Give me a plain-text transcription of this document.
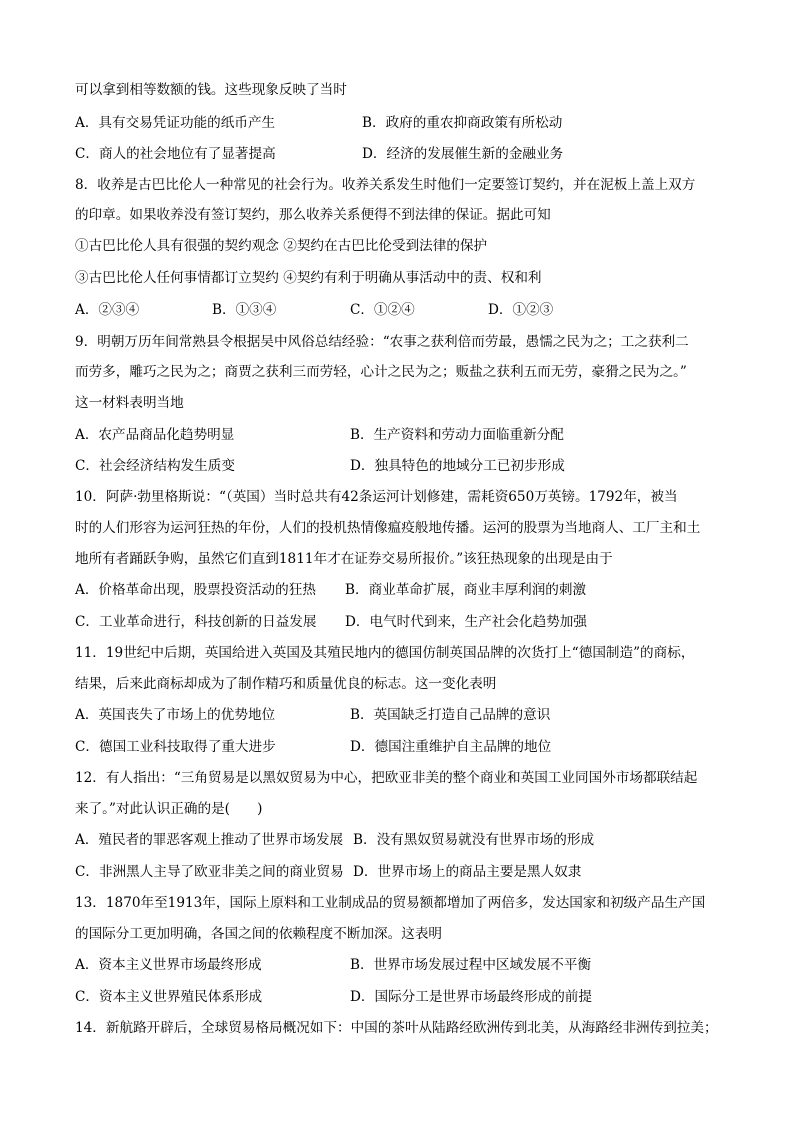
可以拿到相等数额的钱。这些现象反映了当时
A．具有交易凭证功能的纸币产生	B．政府的重农抑商政策有所松动
C．商人的社会地位有了显著提高	D．经济的发展催生新的金融业务
8．收养是古巴比伦人一种常见的社会行为。收养关系发生时他们一定要签订契约，并在泥板上盖上双方
的印章。如果收养没有签订契约，那么收养关系便得不到法律的保证。据此可知
①古巴比伦人具有很强的契约观念 ②契约在古巴比伦受到法律的保护
③古巴比伦人任何事情都订立契约 ④契约有利于明确从事活动中的责、权和利
A．②③④	B．①③④	C．①②④	D．①②③
9．明朝万历年间常熟县令根据吴中风俗总结经验：“农事之获利倍而劳最，愚懦之民为之；工之获利二
而劳多，雕巧之民为之；商贾之获利三而劳轻，心计之民为之；贩盐之获利五而无劳，豪猾之民为之。”
这一材料表明当地
A．农产品商品化趋势明显	B．生产资料和劳动力面临重新分配
C．社会经济结构发生质变	D．独具特色的地域分工已初步形成
10．阿萨·勃里格斯说：“（英国）当时总共有42条运河计划修建，需耗资650万英镑。1792年，被当
时的人们形容为运河狂热的年份，人们的投机热情像瘟疫般地传播。运河的股票为当地商人、工厂主和土
地所有者踊跃争购，虽然它们直到1811年才在证券交易所报价。”该狂热现象的出现是由于
A．价格革命出现，股票投资活动的狂热 B．商业革命扩展，商业丰厚利润的刺激
C．工业革命进行，科技创新的日益发展 D．电气时代到来，生产社会化趋势加强
11．19世纪中后期，英国给进入英国及其殖民地内的德国仿制英国品牌的次货打上“德国制造”的商标，
结果，后来此商标却成为了制作精巧和质量优良的标志。这一变化表明
A．英国丧失了市场上的优势地位	B．英国缺乏打造自己品牌的意识
C．德国工业科技取得了重大进步	D．德国注重维护自主品牌的地位
12．有人指出：“三角贸易是以黑奴贸易为中心，把欧亚非美的整个商业和英国工业同国外市场都联结起
来了。”对此认识正确的是(　　)
A．殖民者的罪恶客观上推动了世界市场发展 B．没有黑奴贸易就没有世界市场的形成
C．非洲黑人主导了欧亚非美之间的商业贸易 D．世界市场上的商品主要是黑人奴隶
13．1870年至1913年，国际上原料和工业制成品的贸易额都增加了两倍多，发达国家和初级产品生产国
的国际分工更加明确，各国之间的依赖程度不断加深。这表明
A．资本主义世界市场最终形成	B．世界市场发展过程中区域发展不平衡
C．资本主义世界殖民体系形成	D．国际分工是世界市场最终形成的前提
14．新航路开辟后，全球贸易格局概况如下：中国的茶叶从陆路经欧洲传到北美，从海路经非洲传到拉美；
